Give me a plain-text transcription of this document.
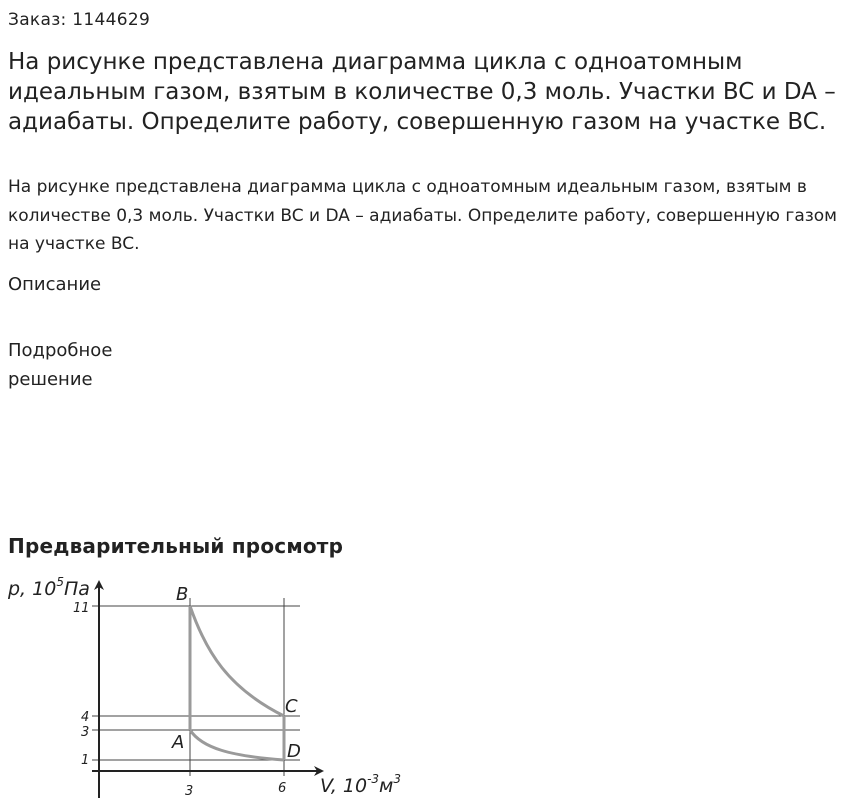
Заказ: 1144629
На рисунке представлена диаграмма цикла с одноатомным идеальным газом, взятым в количестве 0,3 моль. Участки BC и DA – адиабаты. Определите работу, совершенную газом на участке BC.

На рисунке представлена диаграмма цикла с одноатомным идеальным газом, взятым в количестве 0,3 моль. Участки BC и DA – адиабаты. Определите работу, совершенную газом на участке BC.

Описание
Подробное решение
Предварительный просмотр
p, $10^5Па$
V, $10^{-3}м^3$
11
4
3
1
3	6
B
C
A	D
